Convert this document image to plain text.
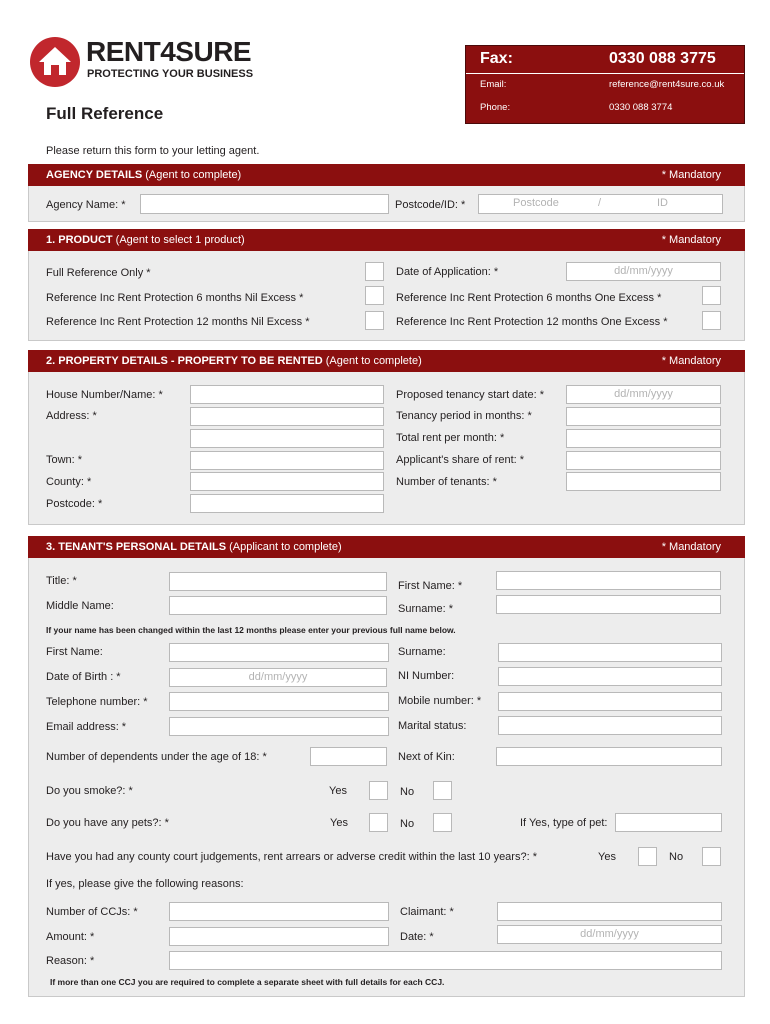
RENT4SURE
PROTECTING YOUR BUSINESS
Fax:	0330 088 3775
Email:	reference@rent4sure.co.uk
Phone:	0330 088 3774
Full Reference
Please return this form to your letting agent.
AGENCY DETAILS (Agent to complete)	* Mandatory
Agency Name: *	Postcode/ID: *	Postcode	/	ID
1. PRODUCT (Agent to select 1 product)	* Mandatory
Full Reference Only *	Date of Application: *	dd/mm/yyyy
Reference Inc Rent Protection 6 months Nil Excess *	Reference Inc Rent Protection 6 months One Excess *
Reference Inc Rent Protection 12 months Nil Excess *	Reference Inc Rent Protection 12 months One Excess *
2. PROPERTY DETAILS - PROPERTY TO BE RENTED (Agent to complete)	* Mandatory
House Number/Name: *
Address: *
Town: *
County: *
Postcode: *
Proposed tenancy start date: *	dd/mm/yyyy
Tenancy period in months: *
Total rent per month: *
Applicant's share of rent: *
Number of tenants: *
3. TENANT'S PERSONAL DETAILS (Applicant to complete)	* Mandatory
Title: *	First Name: *
Middle Name:	Surname: *
If your name has been changed within the last 12 months please enter your previous full name below.
First Name:	Surname:
Date of Birth : *	dd/mm/yyyy	NI Number:
Telephone number: *	Mobile number: *
Email address: *	Marital status:
Number of dependents under the age of 18: *	Next of Kin:
Do you smoke?: *	Yes	No
Do you have any pets?: *	Yes	No	If Yes, type of pet:
Have you had any county court judgements, rent arrears or adverse credit within the last 10 years?: *	Yes	No
If yes, please give the following reasons:
Number of CCJs: *	Claimant: *
Amount: *	Date: *	dd/mm/yyyy
Reason: *
If more than one CCJ you are required to complete a separate sheet with full details for each CCJ.
